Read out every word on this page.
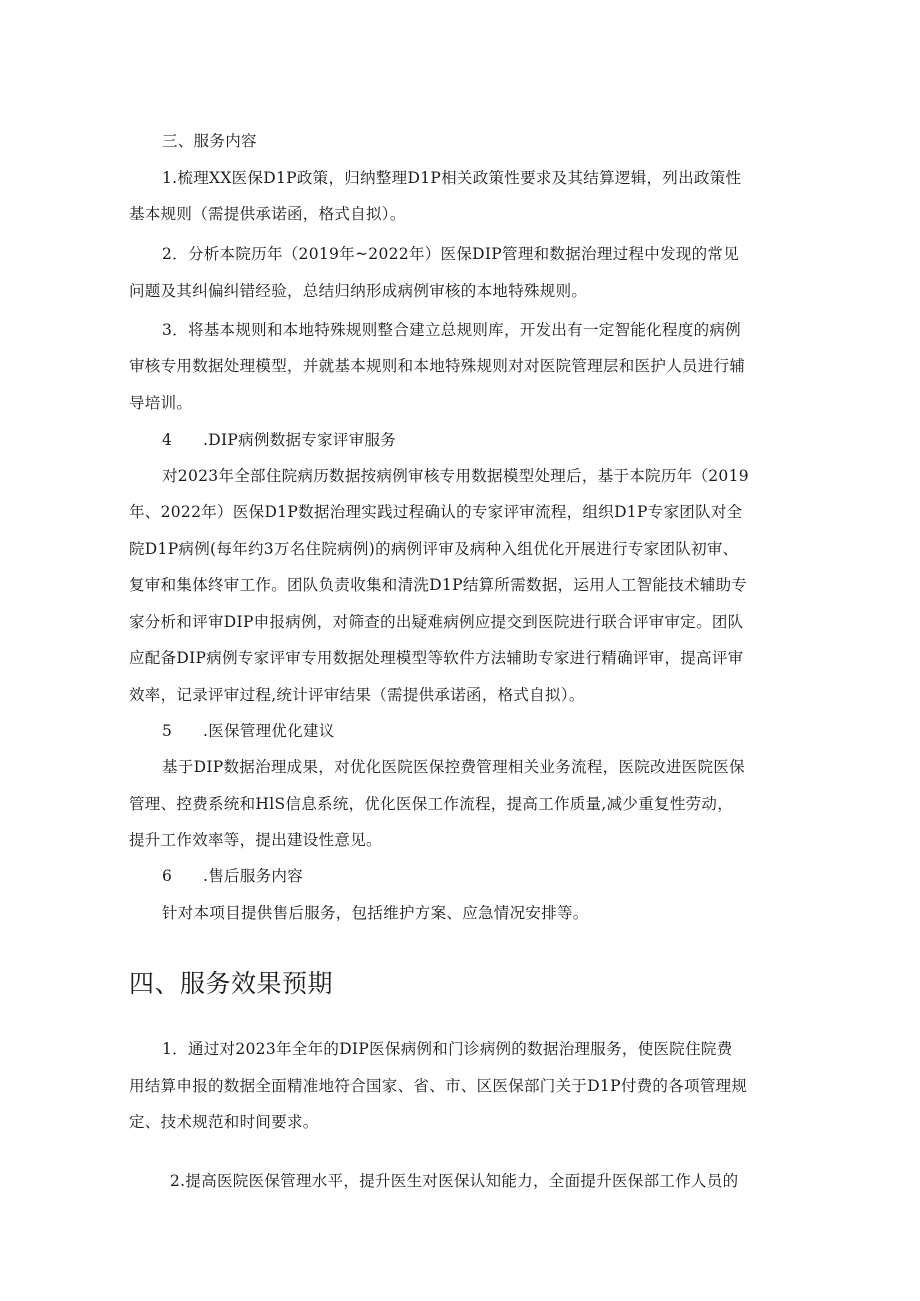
三、服务内容
1.梳理XX医保D1P政策，归纳整理D1P相关政策性要求及其结算逻辑，列出政策性
基本规则（需提供承诺函，格式自拟）。
2．分析本院历年（2019年~2022年）医保DIP管理和数据治理过程中发现的常见
问题及其纠偏纠错经验，总结归纳形成病例审核的本地特殊规则。
3．将基本规则和本地特殊规则整合建立总规则库，开发出有一定智能化程度的病例
审核专用数据处理模型，并就基本规则和本地特殊规则对对医院管理层和医护人员进行辅
导培训。
4 .DIP病例数据专家评审服务
对2023年全部住院病历数据按病例审核专用数据模型处理后，基于本院历年（2019
年、2022年）医保D1P数据治理实践过程确认的专家评审流程，组织D1P专家团队对全
院D1P病例(每年约3万名住院病例)的病例评审及病种入组优化开展进行专家团队初审、
复审和集体终审工作。团队负责收集和清洗D1P结算所需数据，运用人工智能技术辅助专
家分析和评审DIP申报病例，对筛查的出疑难病例应提交到医院进行联合评审审定。团队
应配备DIP病例专家评审专用数据处理模型等软件方法辅助专家进行精确评审，提高评审
效率，记录评审过程,统计评审结果（需提供承诺函，格式自拟）。
5 .医保管理优化建议
基于DIP数据治理成果，对优化医院医保控费管理相关业务流程，医院改进医院医保
管理、控费系统和HlS信息系统，优化医保工作流程，提高工作质量,减少重复性劳动，
提升工作效率等，提出建设性意见。
6 .售后服务内容
针对本项目提供售后服务，包括维护方案、应急情况安排等。
四、服务效果预期
1．通过对2023年全年的DIP医保病例和门诊病例的数据治理服务，使医院住院费
用结算申报的数据全面精准地符合国家、省、市、区医保部门关于D1P付费的各项管理规
定、技术规范和时间要求。
2.提高医院医保管理水平，提升医生对医保认知能力，全面提升医保部工作人员的
